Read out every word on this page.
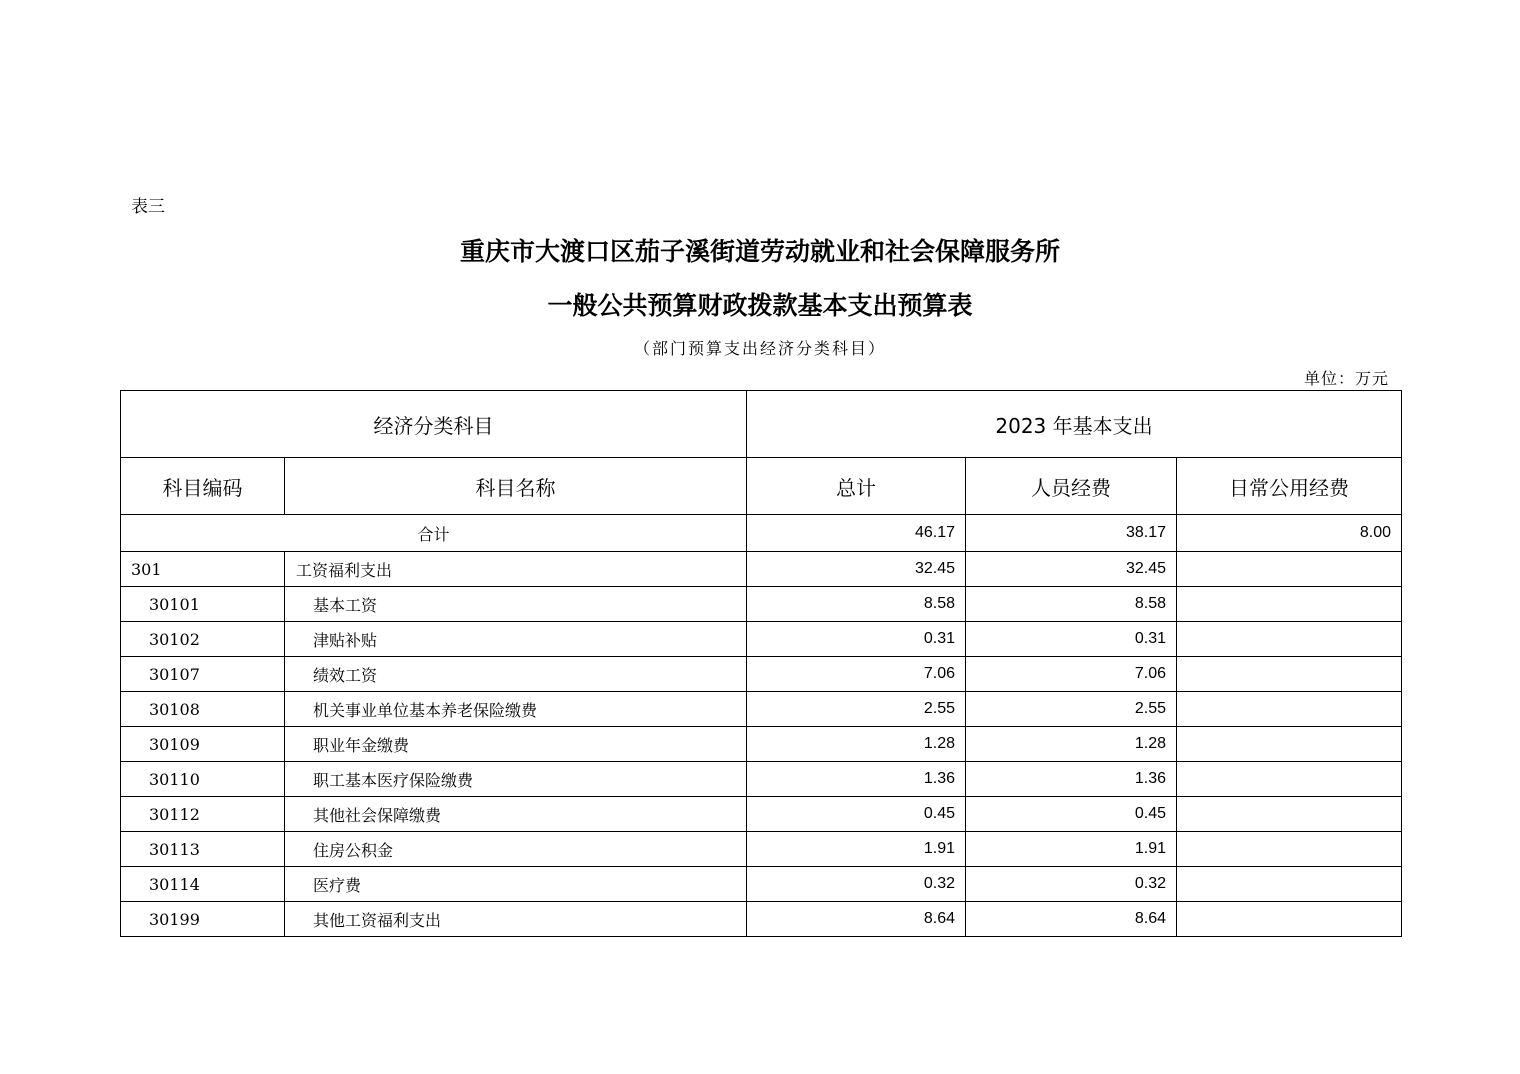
表三
重庆市大渡口区茄子溪街道劳动就业和社会保障服务所
一般公共预算财政拨款基本支出预算表
（部门预算支出经济分类科目）
单位：万元
经济分类科目		2023 年基本支出		
科目编码	科目名称	总计	人员经费	日常公用经费
合计		46.17	38.17	8.00
301	工资福利支出	32.45	32.45	
30101	基本工资	8.58	8.58	
30102	津贴补贴	0.31	0.31	
30107	绩效工资	7.06	7.06	
30108	机关事业单位基本养老保险缴费	2.55	2.55	
30109	职业年金缴费	1.28	1.28	
30110	职工基本医疗保险缴费	1.36	1.36	
30112	其他社会保障缴费	0.45	0.45	
30113	住房公积金	1.91	1.91	
30114	医疗费	0.32	0.32	
30199	其他工资福利支出	8.64	8.64	
